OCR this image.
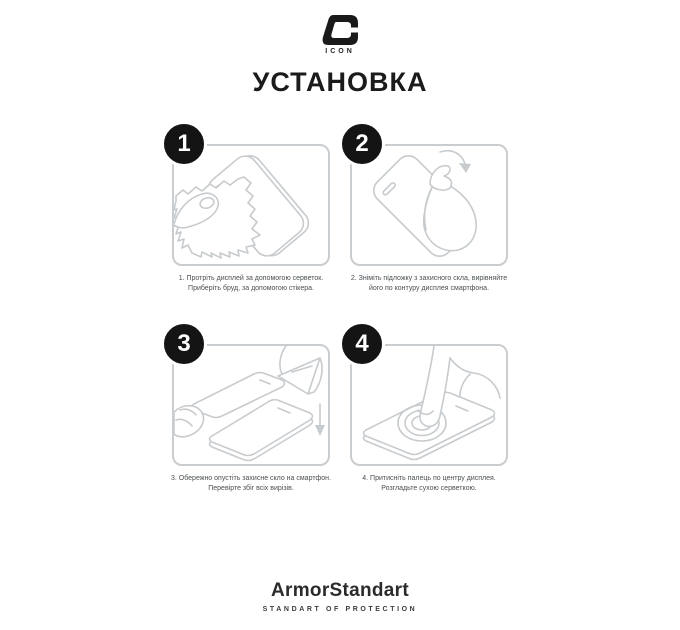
ICON
УСТАНОВКА
1
1. Протріть дисплей за допомогою серветок.
Приберіть бруд, за допомогою стікера.
2
2. Зніміть підложку з захисного скла, вирівняйте
його по контуру дисплея смартфона.
3
3. Обережно опустіть захисне скло на смартфон.
Перевірте збіг всіх вирізів.
4
4. Притисніть палець по центру дисплея.
Розгладьте сухою серветкою.
ArmorStandart
STANDART OF PROTECTION
